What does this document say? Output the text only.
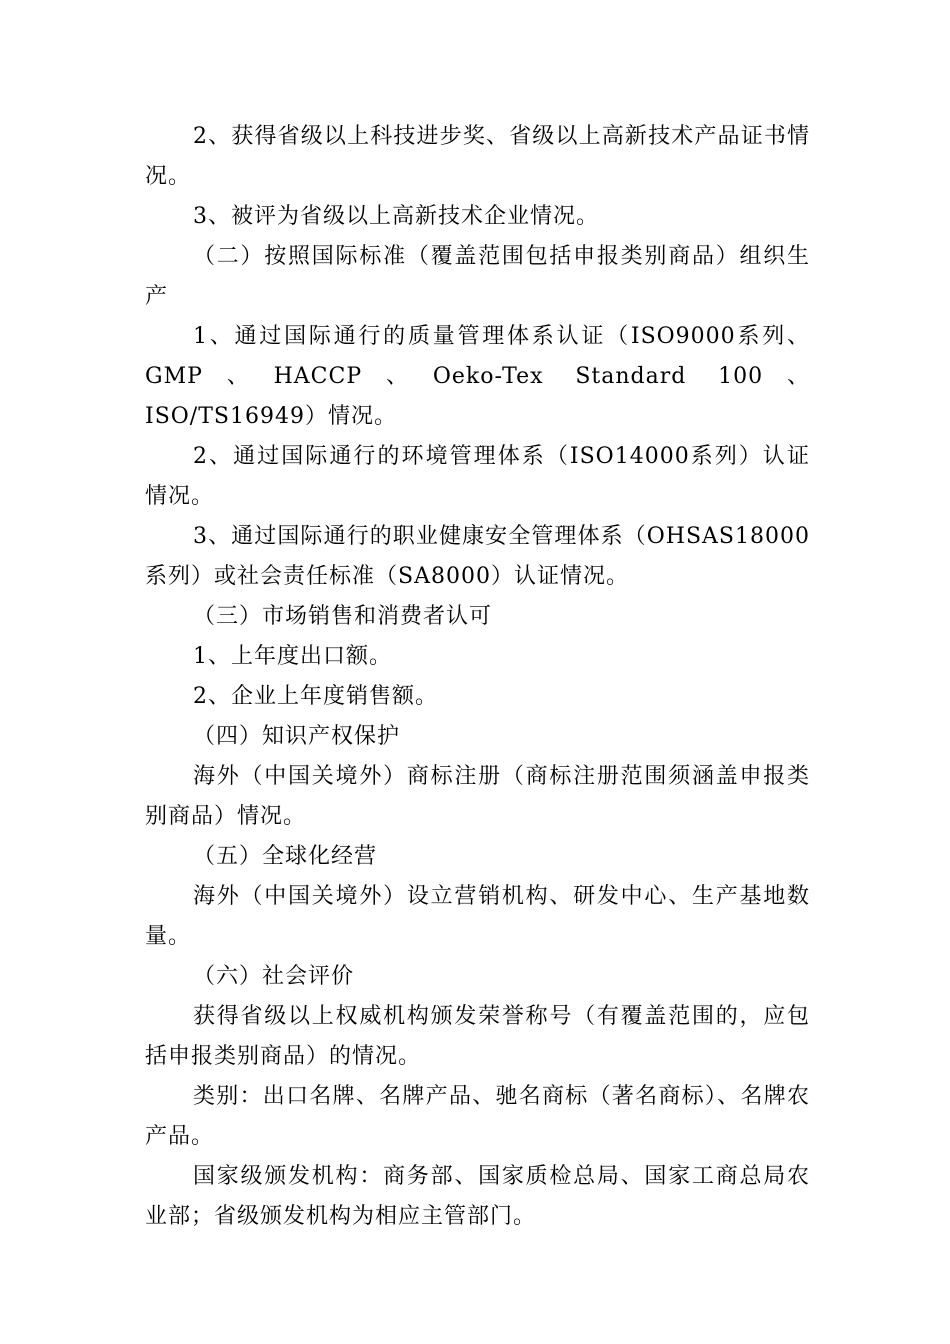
2、获得省级以上科技进步奖、省级以上高新技术产品证书情况。

3、被评为省级以上高新技术企业情况。

（二）按照国际标准（覆盖范围包括申报类别商品）组织生产

1、通过国际通行的质量管理体系认证（ISO9000系列、GMP、HACCP、Oeko-Tex Standard 100、ISO/TS16949）情况。

2、通过国际通行的环境管理体系（ISO14000系列）认证情况。

3、通过国际通行的职业健康安全管理体系（OHSAS18000系列）或社会责任标准（SA8000）认证情况。

（三）市场销售和消费者认可

1、上年度出口额。

2、企业上年度销售额。

（四）知识产权保护

海外（中国关境外）商标注册（商标注册范围须涵盖申报类别商品）情况。

（五）全球化经营

海外（中国关境外）设立营销机构、研发中心、生产基地数量。

（六）社会评价

获得省级以上权威机构颁发荣誉称号（有覆盖范围的，应包括申报类别商品）的情况。

类别：出口名牌、名牌产品、驰名商标（著名商标）、名牌农产品。

国家级颁发机构：商务部、国家质检总局、国家工商总局农业部；省级颁发机构为相应主管部门。
